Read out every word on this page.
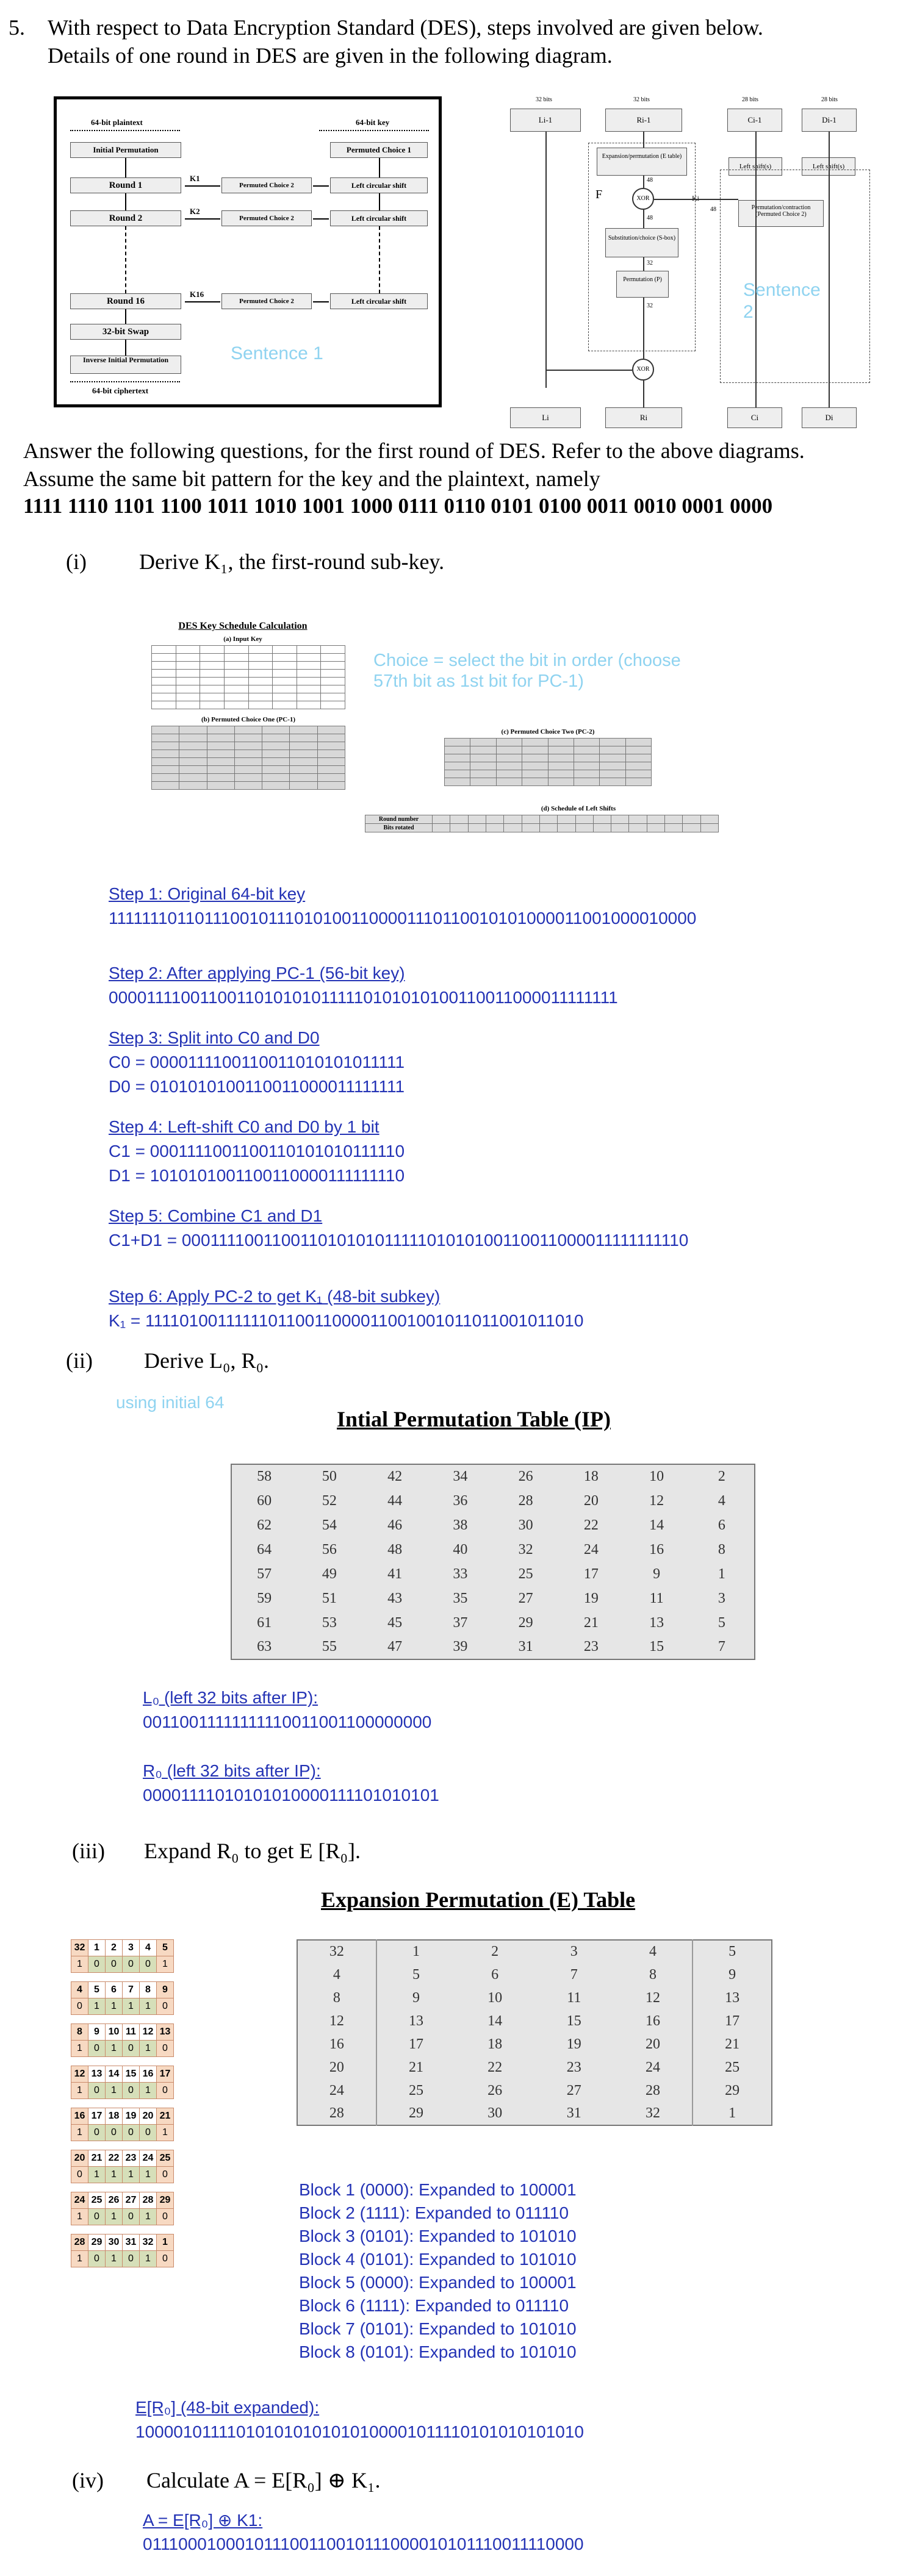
5. With respect to Data Encryption Standard (DES), steps involved are given below.
Details of one round in DES are given in the following diagram.
64-bit plaintext	64-bit key
Initial Permutation	Permuted Choice 1
Round 1
Round 2
Round 16
32-bit Swap
Inverse Initial Permutation
64-bit ciphertext
Permuted Choice 2
Permuted Choice 2
Permuted Choice 2
Left circular shift
Left circular shift
Left circular shift
K1
K2
K16
Sentence 1
32 bits	32 bits	28 bits	28 bits
Li-1	Ri-1	Ci-1	Di-1
Expansion/permutation (E table)
XOR
F	Ki
Substitution/choice (S-box)
Permutation (P)
XOR
Left shift(s)	Left shift(s)
Permutation/contraction (Permuted Choice 2)
48
48
48
32
32
Sentence 2
Li	Ri	Ci	Di
Answer the following questions, for the first round of DES. Refer to the above diagrams.
Assume the same bit pattern for the key and the plaintext, namely
1111 1110 1101 1100 1011 1010 1001 1000 0111 0110 0101 0100 0011 0010 0001 0000
(i) Derive K₁, the first-round sub-key.
DES Key Schedule Calculation
(a) Input Key

(b) Permuted Choice One (PC-1)

(c) Permuted Choice Two (PC-2)

(d) Schedule of Left Shifts
Round number																
Bits rotated																
Choice = select the bit in order (choose 57th bit as 1st bit for PC-1)
Step 1: Original 64-bit key
1111111011011100101110101001100001110110010101000011001000010000
Step 2: After applying PC-1 (56-bit key)
00001111001100110101010111110101010100110011000011111111
Step 3: Split into C0 and D0
C0 = 0000111100110011010101011111
D0 = 0101010100110011000011111111
Step 4: Left-shift C0 and D0 by 1 bit
C1 = 0001111001100110101010111110
D1 = 1010101001100110000111111110
Step 5: Combine C1 and D1
C1+D1 = 00011110011001101010101111101010100110011000011111111110
Step 6: Apply PC-2 to get K₁ (48-bit subkey)
K₁ = 111101001111110110011000011001001011011001011010
(ii) Derive L₀, R₀.
using initial 64
Intial Permutation Table (IP)
58	50	42	34	26	18	10	2
60	52	44	36	28	20	12	4
62	54	46	38	30	22	14	6
64	56	48	40	32	24	16	8
57	49	41	33	25	17	9	1
59	51	43	35	27	19	11	3
61	53	45	37	29	21	13	5
63	55	47	39	31	23	15	7
L₀ (left 32 bits after IP):
00110011111111110011001100000000
R₀ (left 32 bits after IP):
00001111010101010000111101010101
(iii) Expand R₀ to get E [R₀].
Expansion Permutation (E) Table
32	1	2	3	4	5
1	0	0	0	0	1
4	5	6	7	8	9
0	1	1	1	1	0
8	9	10	11	12	13
1	0	1	0	1	0
12	13	14	15	16	17
1	0	1	0	1	0
16	17	18	19	20	21
1	0	0	0	0	1
20	21	22	23	24	25
0	1	1	1	1	0
24	25	26	27	28	29
1	0	1	0	1	0
28	29	30	31	32	1
1	0	1	0	1	0
32	1	2	3	4	5
4	5	6	7	8	9
8	9	10	11	12	13
12	13	14	15	16	17
16	17	18	19	20	21
20	21	22	23	24	25
24	25	26	27	28	29
28	29	30	31	32	1
Block 1 (0000): Expanded to 100001
Block 2 (1111): Expanded to 011110
Block 3 (0101): Expanded to 101010
Block 4 (0101): Expanded to 101010
Block 5 (0000): Expanded to 100001
Block 6 (1111): Expanded to 011110
Block 7 (0101): Expanded to 101010
Block 8 (0101): Expanded to 101010
E[R₀] (48-bit expanded):
100001011110101010101010100001011110101010101010
(iv) Calculate A = E[R₀] ⊕ K₁.
A = E[R₀] ⊕ K1:
011100010001011100110010111000010101110011110000
